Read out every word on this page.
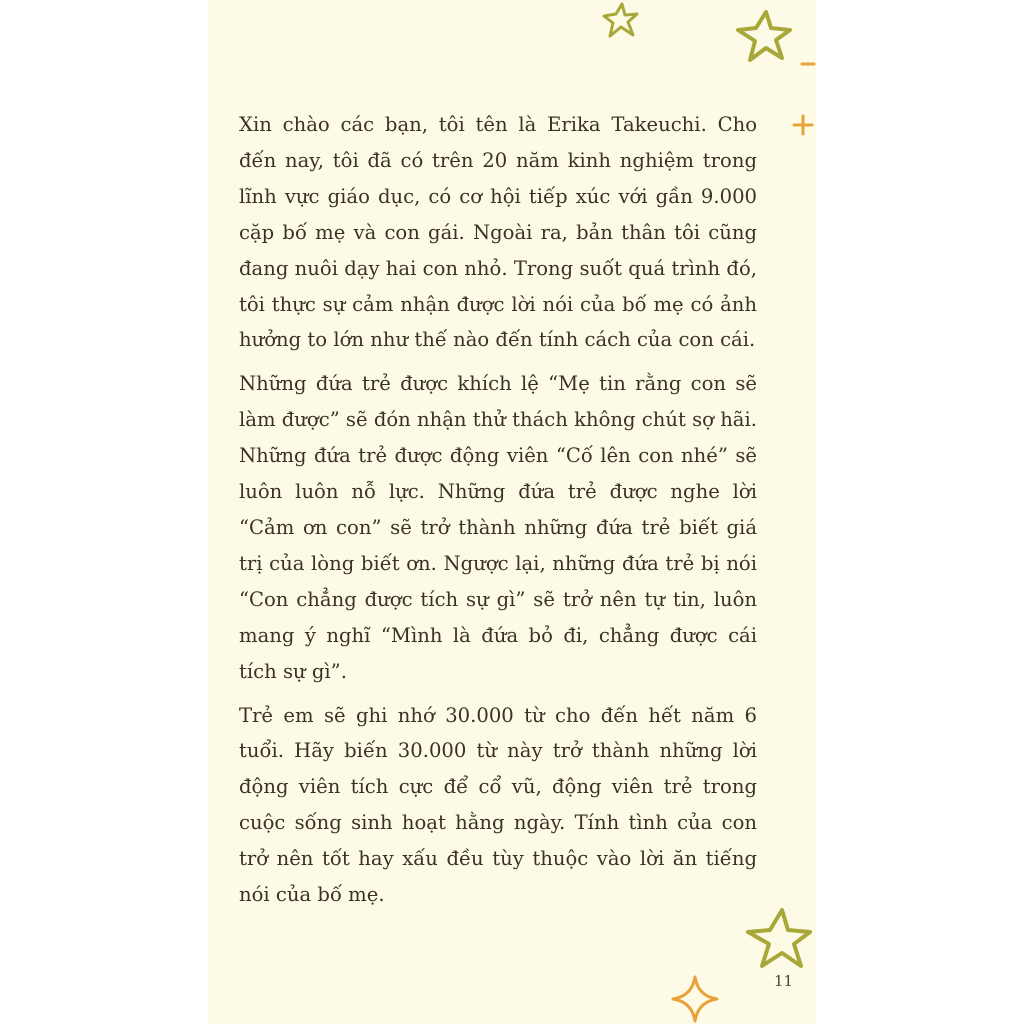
Xin chào các bạn, tôi tên là Erika Takeuchi. Cho đến nay, tôi đã có trên 20 năm kinh nghiệm trong lĩnh vực giáo dục, có cơ hội tiếp xúc với gần 9.000 cặp bố mẹ và con gái. Ngoài ra, bản thân tôi cũng đang nuôi dạy hai con nhỏ. Trong suốt quá trình đó, tôi thực sự cảm nhận được lời nói của bố mẹ có ảnh hưởng to lớn như thế nào đến tính cách của con cái.

Những đứa trẻ được khích lệ “Mẹ tin rằng con sẽ làm được” sẽ đón nhận thử thách không chút sợ hãi. Những đứa trẻ được động viên “Cố lên con nhé” sẽ luôn luôn nỗ lực. Những đứa trẻ được nghe lời “Cảm ơn con” sẽ trở thành những đứa trẻ biết giá trị của lòng biết ơn. Ngược lại, những đứa trẻ bị nói “Con chẳng được tích sự gì” sẽ trở nên tự tin, luôn mang ý nghĩ “Mình là đứa bỏ đi, chẳng được cái tích sự gì”.

Trẻ em sẽ ghi nhớ 30.000 từ cho đến hết năm 6 tuổi. Hãy biến 30.000 từ này trở thành những lời động viên tích cực để cổ vũ, động viên trẻ trong cuộc sống sinh hoạt hằng ngày. Tính tình của con trở nên tốt hay xấu đều tùy thuộc vào lời ăn tiếng nói của bố mẹ.

11
